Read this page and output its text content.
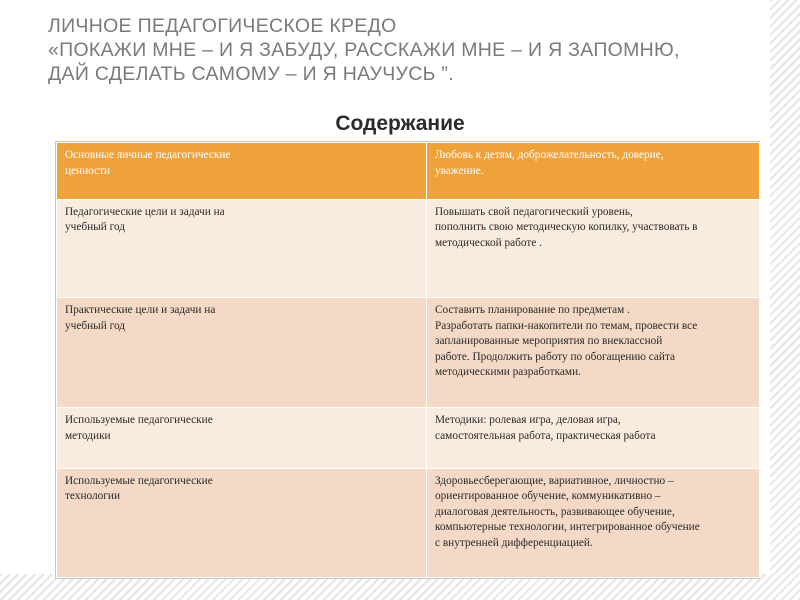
ЛИЧНОЕ ПЕДАГОГИЧЕСКОЕ КРЕДО
«ПОКАЖИ МНЕ – И Я ЗАБУДУ, РАССКАЖИ МНЕ – И Я ЗАПОМНЮ,
ДАЙ СДЕЛАТЬ САМОМУ – И Я НАУЧУСЬ ”.
Содержание
Основные личные педагогические
ценности	Любовь к детям, доброжелательность, доверие,
уважение.

Педагогические цели и задачи на
учебный год	Повышать свой педагогический уровень,
пополнить свою методическую копилку, участвовать в
методической работе .

Практические цели и задачи на
учебный год	Составить планирование по предметам .
Разработать папки-накопители по темам, провести все
запланированные мероприятия по внеклассной
работе. Продолжить работу по обогащению сайта
методическими разработками.

Используемые педагогические
методики	Методики: ролевая игра, деловая игра,
самостоятельная работа, практическая работа

Используемые педагогические
технологии	Здоровьесберегающие, вариативное, личностно –
ориентированное обучение, коммуникативно –
диалоговая деятельность, развивающее обучение,
компьютерные технологии, интегрированное обучение
с внутренней дифференциацией.
